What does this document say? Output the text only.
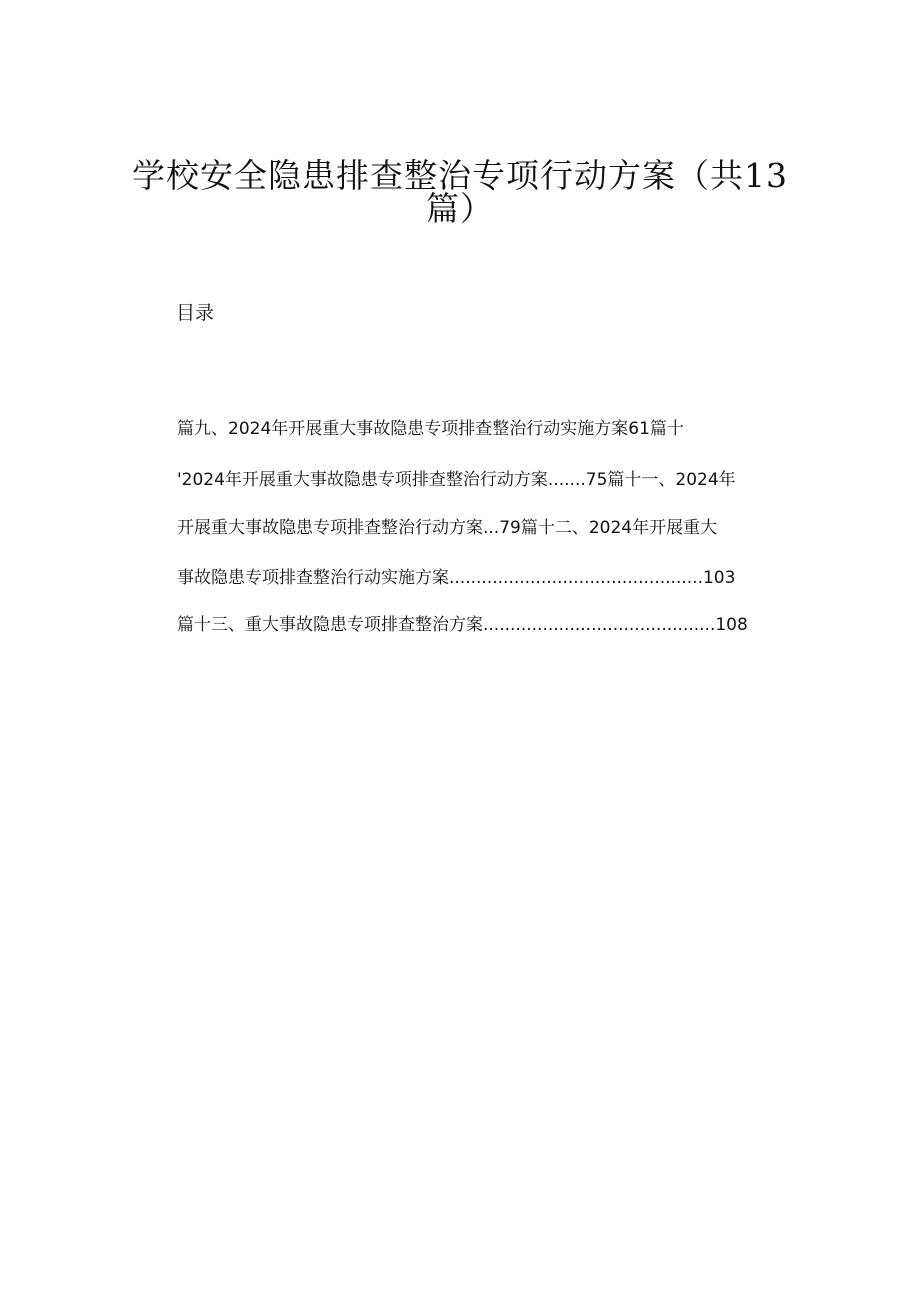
学校安全隐患排查整治专项行动方案（共13
篇）
目录
篇九、2024年开展重大事故隐患专项排查整治行动实施方案61篇十
'2024年开展重大事故隐患专项排查整治行动方案.......75篇十一、2024年
开展重大事故隐患专项排查整治行动方案...79篇十二、2024年开展重大
事故隐患专项排查整治行动实施方案...............................................103
篇十三、重大事故隐患专项排查整治方案...........................................108
